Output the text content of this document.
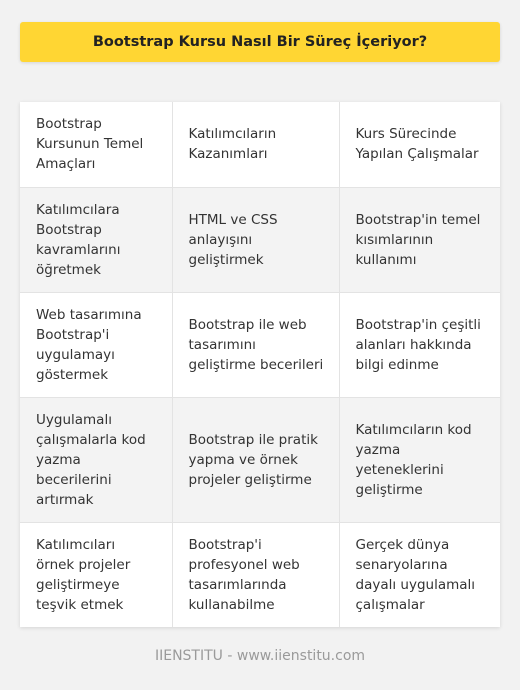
Bootstrap Kursu Nasıl Bir Süreç İçeriyor?
Bootstrap Kursunun Temel Amaçları	Katılımcıların Kazanımları	Kurs Sürecinde Yapılan Çalışmalar
Katılımcılara Bootstrap kavramlarını öğretmek	HTML ve CSS anlayışını geliştirmek	Bootstrap'in temel kısımlarının kullanımı
Web tasarımına Bootstrap'i uygulamayı göstermek	Bootstrap ile web tasarımını geliştirme becerileri	Bootstrap'in çeşitli alanları hakkında bilgi edinme
Uygulamalı çalışmalarla kod yazma becerilerini artırmak	Bootstrap ile pratik yapma ve örnek projeler geliştirme	Katılımcıların kod yazma yeteneklerini geliştirme
Katılımcıları örnek projeler geliştirmeye teşvik etmek	Bootstrap'i profesyonel web tasarımlarında kullanabilme	Gerçek dünya senaryolarına dayalı uygulamalı çalışmalar
IIENSTITU - www.iienstitu.com
